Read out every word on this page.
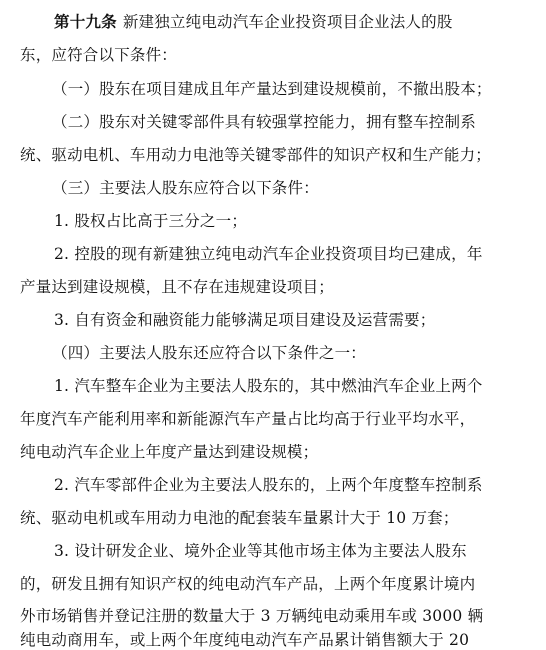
第十九条 新建独立纯电动汽车企业投资项目企业法人的股
东，应符合以下条件：
（一）股东在项目建成且年产量达到建设规模前，不撤出股本；
（二）股东对关键零部件具有较强掌控能力，拥有整车控制系
统、驱动电机、车用动力电池等关键零部件的知识产权和生产能力；
（三）主要法人股东应符合以下条件：
1. 股权占比高于三分之一；
2. 控股的现有新建独立纯电动汽车企业投资项目均已建成，年
产量达到建设规模，且不存在违规建设项目；
3. 自有资金和融资能力能够满足项目建设及运营需要；
（四）主要法人股东还应符合以下条件之一：
1. 汽车整车企业为主要法人股东的，其中燃油汽车企业上两个
年度汽车产能利用率和新能源汽车产量占比均高于行业平均水平，
纯电动汽车企业上年度产量达到建设规模；
2. 汽车零部件企业为主要法人股东的，上两个年度整车控制系
统、驱动电机或车用动力电池的配套装车量累计大于 10 万套；
3. 设计研发企业、境外企业等其他市场主体为主要法人股东
的，研发且拥有知识产权的纯电动汽车产品，上两个年度累计境内
外市场销售并登记注册的数量大于 3 万辆纯电动乘用车或 3000 辆
纯电动商用车，或上两个年度纯电动汽车产品累计销售额大于 20
